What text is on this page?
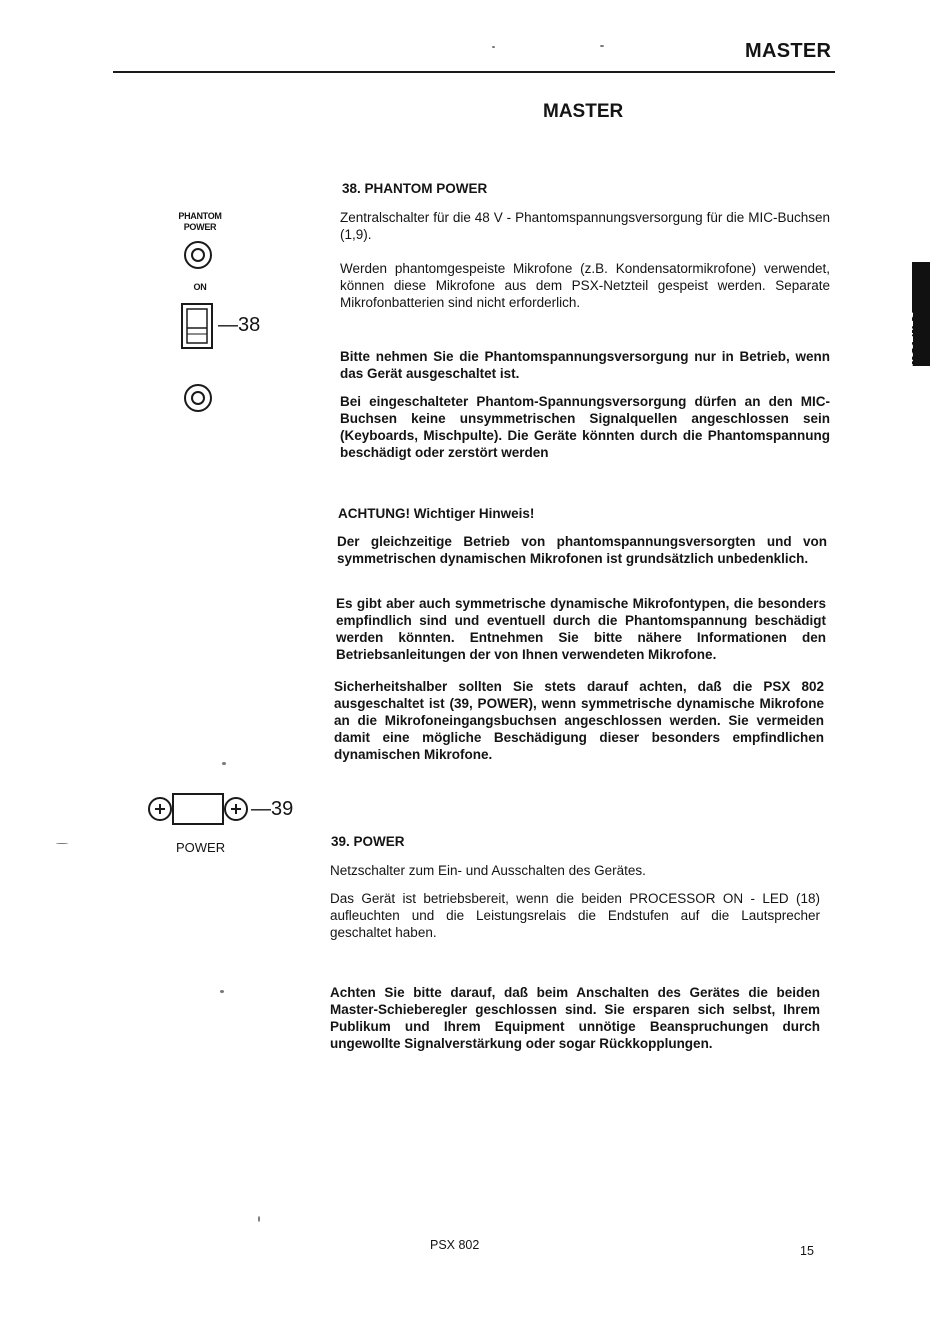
MASTER
MASTER
DEUTSCH
PHANTOM POWER
ON
—38
—39
POWER
38. PHANTOM POWER

Zentralschalter für die 48 V - Phantomspannungsversorgung für die MIC-Buchsen (1,9).

Werden phantomgespeiste Mikrofone (z.B. Kondensatormikrofone) verwendet, können diese Mikrofone aus dem PSX-Netzteil gespeist werden. Separate Mikrofonbatterien sind nicht erforderlich.

Bitte nehmen Sie die Phantomspannungsversorgung nur in Betrieb, wenn das Gerät ausgeschaltet ist.

Bei eingeschalteter Phantom-Spannungsversorgung dürfen an den MIC-Buchsen keine unsymmetrischen Signalquellen angeschlossen sein (Keyboards, Mischpulte). Die Geräte könnten durch die Phantomspannung beschädigt oder zerstört werden

ACHTUNG! Wichtiger Hinweis!

Der gleichzeitige Betrieb von phantomspannungsversorgten und von symmetrischen dynamischen Mikrofonen ist grundsätzlich unbedenklich.

Es gibt aber auch symmetrische dynamische Mikrofontypen, die besonders empfindlich sind und eventuell durch die Phantomspannung beschädigt werden könnten. Entnehmen Sie bitte nähere Informationen den Betriebsanleitungen der von Ihnen verwendeten Mikrofone.

Sicherheitshalber sollten Sie stets darauf achten, daß die PSX 802 ausgeschaltet ist (39, POWER), wenn symmetrische dynamische Mikrofone an die Mikrofoneingangsbuchsen angeschlossen werden. Sie vermeiden damit eine mögliche Beschädigung dieser besonders empfindlichen dynamischen Mikrofone.

39. POWER

Netzschalter zum Ein- und Ausschalten des Gerätes.

Das Gerät ist betriebsbereit, wenn die beiden PROCESSOR ON - LED (18) aufleuchten und die Leistungsrelais die Endstufen auf die Lautsprecher geschaltet haben.

Achten Sie bitte darauf, daß beim Anschalten des Gerätes die beiden Master-Schieberegler geschlossen sind. Sie ersparen sich selbst, Ihrem Publikum und Ihrem Equipment unnötige Beanspruchungen durch ungewollte Signalverstärkung oder sogar Rückkopplungen.

PSX 802	15
